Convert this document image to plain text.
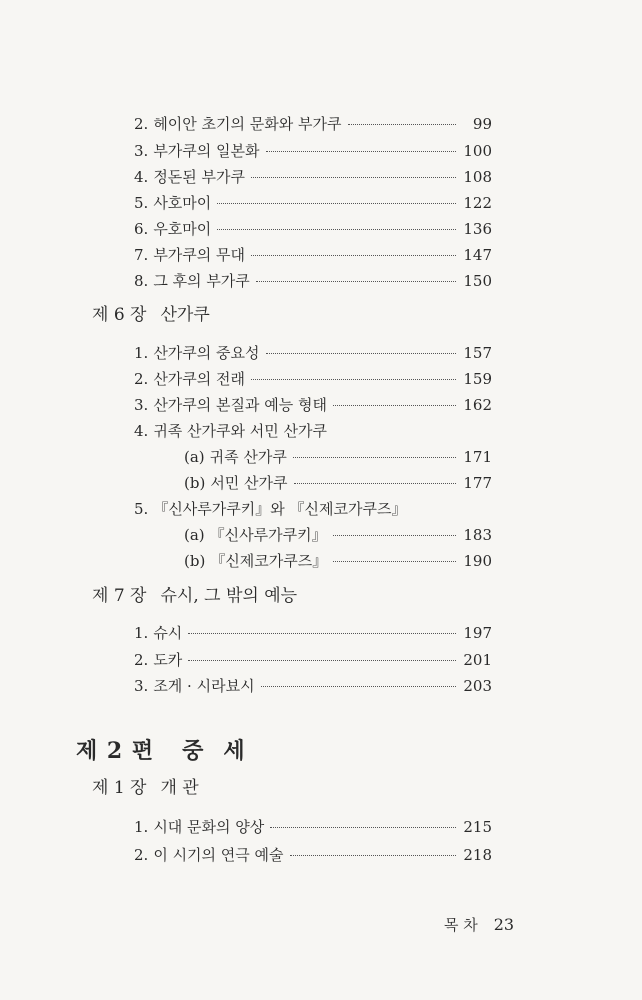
2. 헤이안 초기의 문화와 부가쿠	99
3. 부가쿠의 일본화	100
4. 정돈된 부가쿠	108
5. 사호마이	122
6. 우호마이	136
7. 부가쿠의 무대	147
8. 그 후의 부가쿠	150
제 6 장 산가쿠
1. 산가쿠의 중요성	157
2. 산가쿠의 전래	159
3. 산가쿠의 본질과 예능 형태	162
4. 귀족 산가쿠와 서민 산가쿠
(a) 귀족 산가쿠	171
(b) 서민 산가쿠	177
5. 『신사루가쿠키』와 『신제코가쿠즈』
(a) 『신사루가쿠키』	183
(b) 『신제코가쿠즈』	190
제 7 장 슈시, 그 밖의 예능
1. 슈시	197
2. 도카	201
3. 조게 · 시라뵤시	203
제 2 편 중세
제 1 장 개 관
1. 시대 문화의 양상	215
2. 이 시기의 연극 예술	218
목 차 23
